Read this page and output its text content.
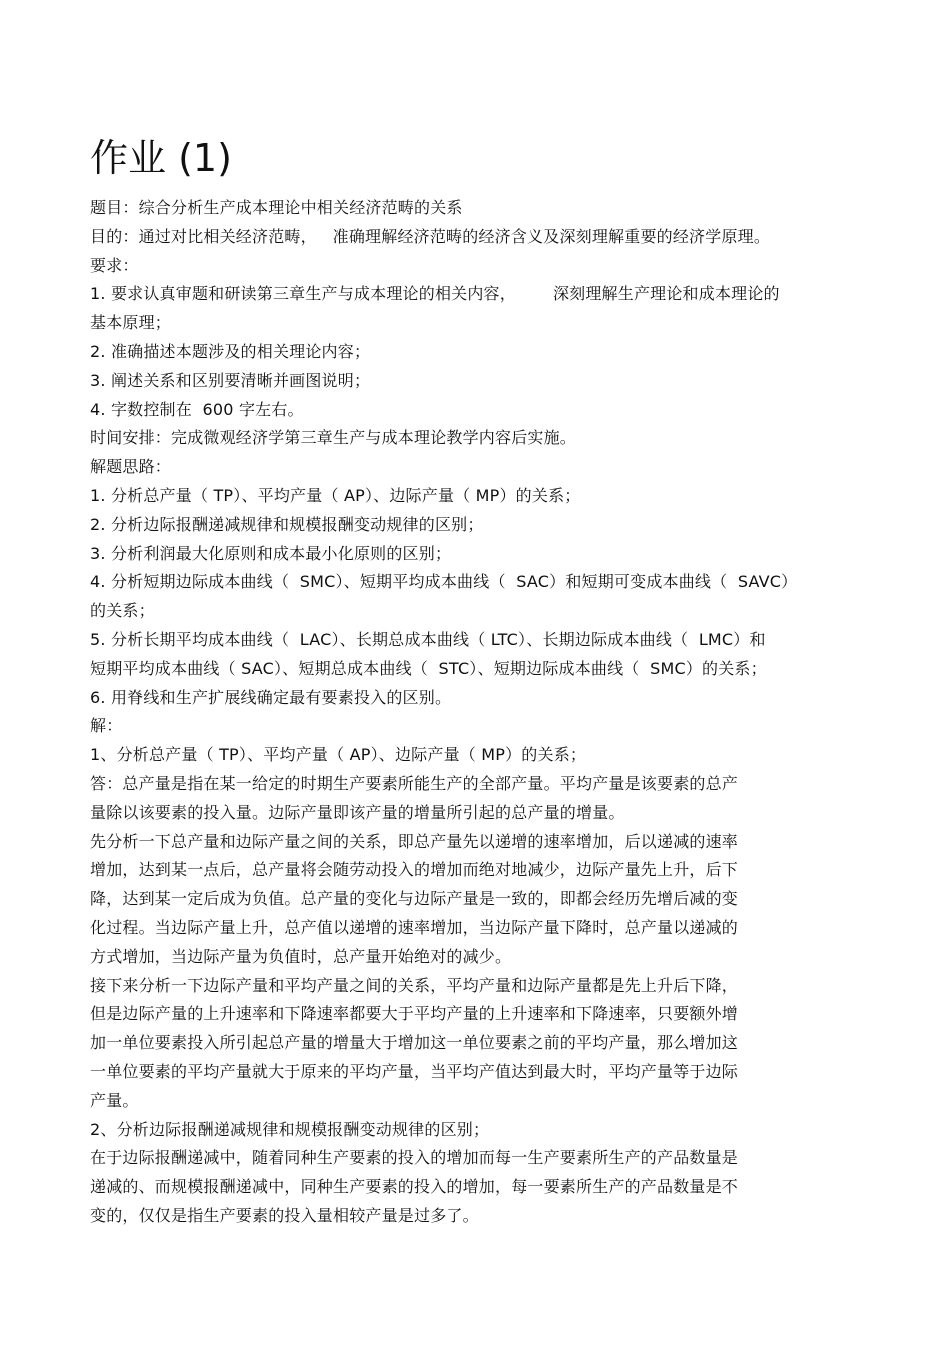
作业 (1)
题目：综合分析生产成本理论中相关经济范畴的关系
目的：通过对比相关经济范畴，   准确理解经济范畴的经济含义及深刻理解重要的经济学原理。
要求：
1. 要求认真审题和研读第三章生产与成本理论的相关内容，       深刻理解生产理论和成本理论的
基本原理；
2. 准确描述本题涉及的相关理论内容；
3. 阐述关系和区别要清晰并画图说明；
4. 字数控制在  600 字左右。
时间安排：完成微观经济学第三章生产与成本理论教学内容后实施。
解题思路：
1. 分析总产量（ TP）、平均产量（ AP）、边际产量（ MP）的关系；
2. 分析边际报酬递减规律和规模报酬变动规律的区别；
3. 分析利润最大化原则和成本最小化原则的区别；
4. 分析短期边际成本曲线（  SMC）、短期平均成本曲线（  SAC）和短期可变成本曲线（  SAVC）
的关系；
5. 分析长期平均成本曲线（  LAC）、长期总成本曲线（ LTC）、长期边际成本曲线（  LMC）和
短期平均成本曲线（ SAC）、短期总成本曲线（  STC）、短期边际成本曲线（  SMC）的关系；
6. 用脊线和生产扩展线确定最有要素投入的区别。
解：
1、分析总产量（ TP）、平均产量（ AP）、边际产量（ MP）的关系；
答：总产量是指在某一给定的时期生产要素所能生产的全部产量。平均产量是该要素的总产
量除以该要素的投入量。边际产量即该产量的增量所引起的总产量的增量。
先分析一下总产量和边际产量之间的关系，即总产量先以递增的速率增加，后以递减的速率
增加，达到某一点后，总产量将会随劳动投入的增加而绝对地减少，边际产量先上升，后下
降，达到某一定后成为负值。总产量的变化与边际产量是一致的，即都会经历先增后减的变
化过程。当边际产量上升，总产值以递增的速率增加，当边际产量下降时，总产量以递减的
方式增加，当边际产量为负值时，总产量开始绝对的减少。
接下来分析一下边际产量和平均产量之间的关系，平均产量和边际产量都是先上升后下降，
但是边际产量的上升速率和下降速率都要大于平均产量的上升速率和下降速率，只要额外增
加一单位要素投入所引起总产量的增量大于增加这一单位要素之前的平均产量，那么增加这
一单位要素的平均产量就大于原来的平均产量，当平均产值达到最大时，平均产量等于边际
产量。
2、分析边际报酬递减规律和规模报酬变动规律的区别；
在于边际报酬递减中，随着同种生产要素的投入的增加而每一生产要素所生产的产品数量是
递减的、而规模报酬递减中，同种生产要素的投入的增加，每一要素所生产的产品数量是不
变的，仅仅是指生产要素的投入量相较产量是过多了。
